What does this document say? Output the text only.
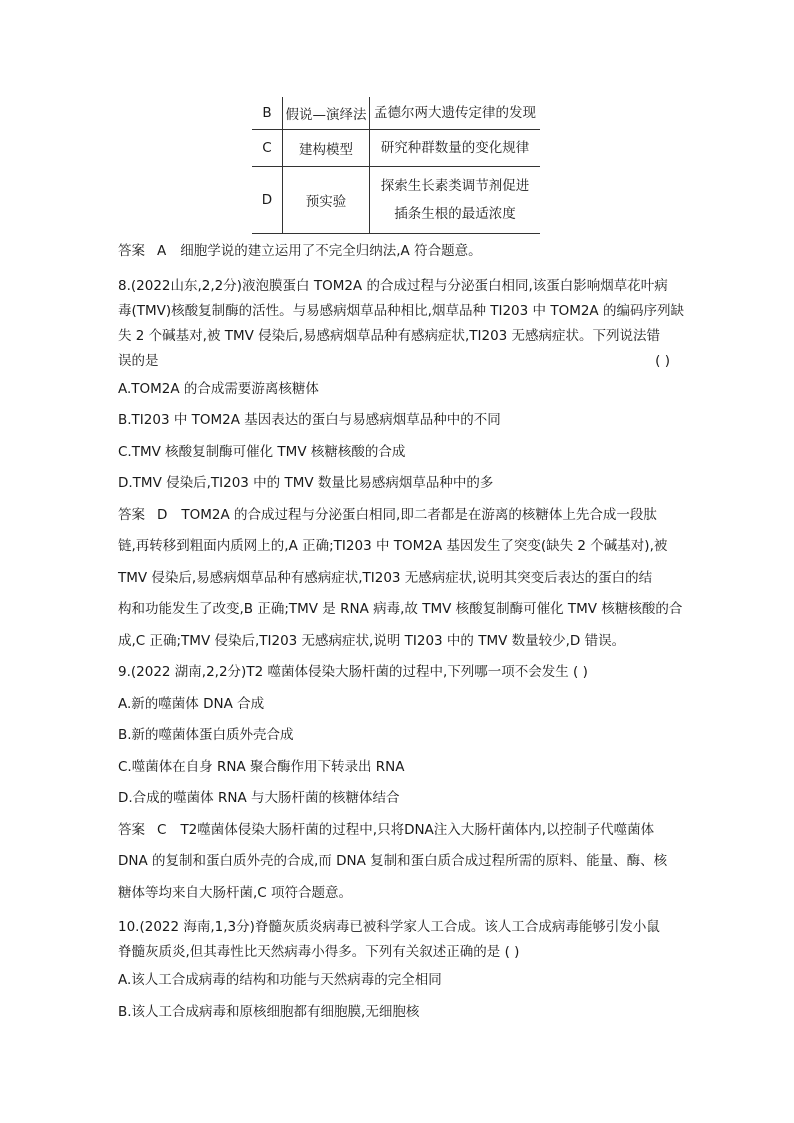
B	假说—演绎法	孟德尔两大遗传定律的发现
C	建构模型	研究种群数量的变化规律
D	预实验	探索生长素类调节剂促进
插条生根的最适浓度
答案 A 细胞学说的建立运用了不完全归纳法,A 符合题意。
8.(2022山东,2,2分)液泡膜蛋白 TOM2A 的合成过程与分泌蛋白相同,该蛋白影响烟草花叶病
毒(TMV)核酸复制酶的活性。与易感病烟草品种相比,烟草品种 TI203 中 TOM2A 的编码序列缺
失 2 个碱基对,被 TMV 侵染后,易感病烟草品种有感病症状,TI203 无感病症状。下列说法错
误的是	( )
A.TOM2A 的合成需要游离核糖体
B.TI203 中 TOM2A 基因表达的蛋白与易感病烟草品种中的不同
C.TMV 核酸复制酶可催化 TMV 核糖核酸的合成
D.TMV 侵染后,TI203 中的 TMV 数量比易感病烟草品种中的多
答案 D TOM2A 的合成过程与分泌蛋白相同,即二者都是在游离的核糖体上先合成一段肽
链,再转移到粗面内质网上的,A 正确;TI203 中 TOM2A 基因发生了突变(缺失 2 个碱基对),被
TMV 侵染后,易感病烟草品种有感病症状,TI203 无感病症状,说明其突变后表达的蛋白的结
构和功能发生了改变,B 正确;TMV 是 RNA 病毒,故 TMV 核酸复制酶可催化 TMV 核糖核酸的合
成,C 正确;TMV 侵染后,TI203 无感病症状,说明 TI203 中的 TMV 数量较少,D 错误。
9.(2022 湖南,2,2分)T2 噬菌体侵染大肠杆菌的过程中,下列哪一项不会发生 ( )
A.新的噬菌体 DNA 合成
B.新的噬菌体蛋白质外壳合成
C.噬菌体在自身 RNA 聚合酶作用下转录出 RNA
D.合成的噬菌体 RNA 与大肠杆菌的核糖体结合
答案 C T2噬菌体侵染大肠杆菌的过程中,只将DNA注入大肠杆菌体内,以控制子代噬菌体
DNA 的复制和蛋白质外壳的合成,而 DNA 复制和蛋白质合成过程所需的原料、能量、酶、核
糖体等均来自大肠杆菌,C 项符合题意。
10.(2022 海南,1,3分)脊髓灰质炎病毒已被科学家人工合成。该人工合成病毒能够引发小鼠
脊髓灰质炎,但其毒性比天然病毒小得多。下列有关叙述正确的是 ( )
A.该人工合成病毒的结构和功能与天然病毒的完全相同
B.该人工合成病毒和原核细胞都有细胞膜,无细胞核
